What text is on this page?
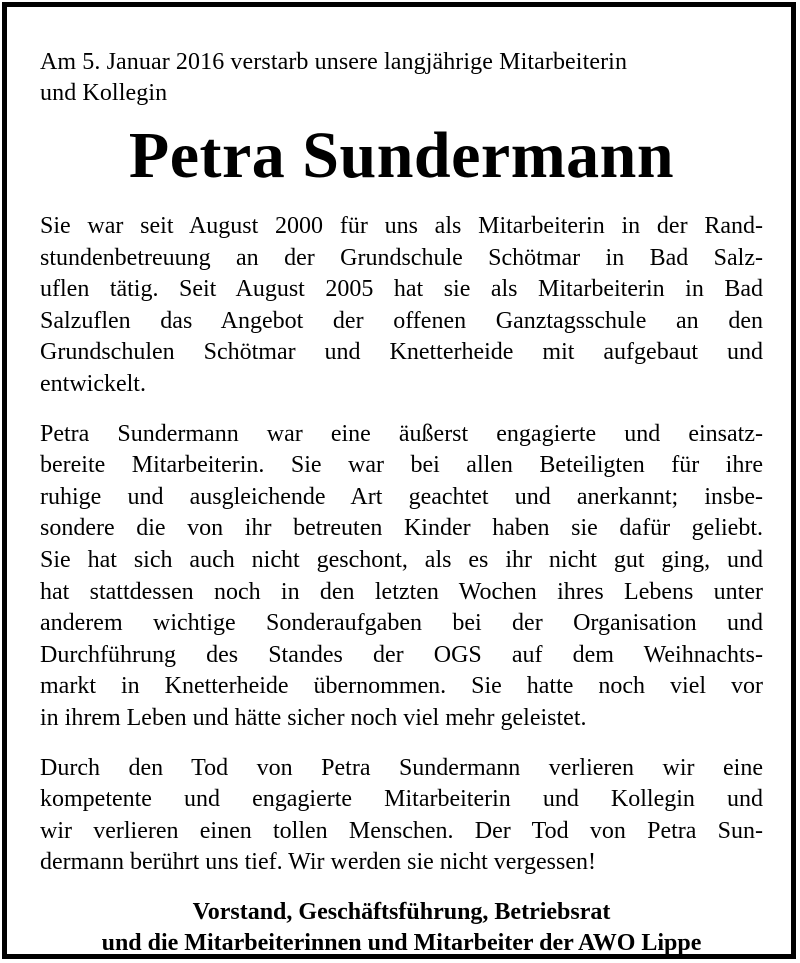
Am 5. Januar 2016 verstarb unsere langjährige Mitarbeiterin
und Kollegin

Petra Sundermann

Sie war seit August 2000 für uns als Mitarbeiterin in der Rand-
stundenbetreuung an der Grundschule Schötmar in Bad Salz-
uflen tätig. Seit August 2005 hat sie als Mitarbeiterin in Bad
Salzuflen das Angebot der offenen Ganztagsschule an den
Grundschulen Schötmar und Knetterheide mit aufgebaut und
entwickelt.

Petra Sundermann war eine äußerst engagierte und einsatz-
bereite Mitarbeiterin. Sie war bei allen Beteiligten für ihre
ruhige und ausgleichende Art geachtet und anerkannt; insbe-
sondere die von ihr betreuten Kinder haben sie dafür geliebt.
Sie hat sich auch nicht geschont, als es ihr nicht gut ging, und
hat stattdessen noch in den letzten Wochen ihres Lebens unter
anderem wichtige Sonderaufgaben bei der Organisation und
Durchführung des Standes der OGS auf dem Weihnachts-
markt in Knetterheide übernommen. Sie hatte noch viel vor
in ihrem Leben und hätte sicher noch viel mehr geleistet.

Durch den Tod von Petra Sundermann verlieren wir eine
kompetente und engagierte Mitarbeiterin und Kollegin und
wir verlieren einen tollen Menschen. Der Tod von Petra Sun-
dermann berührt uns tief. Wir werden sie nicht vergessen!

Vorstand, Geschäftsführung, Betriebsrat
und die Mitarbeiterinnen und Mitarbeiter der AWO Lippe
